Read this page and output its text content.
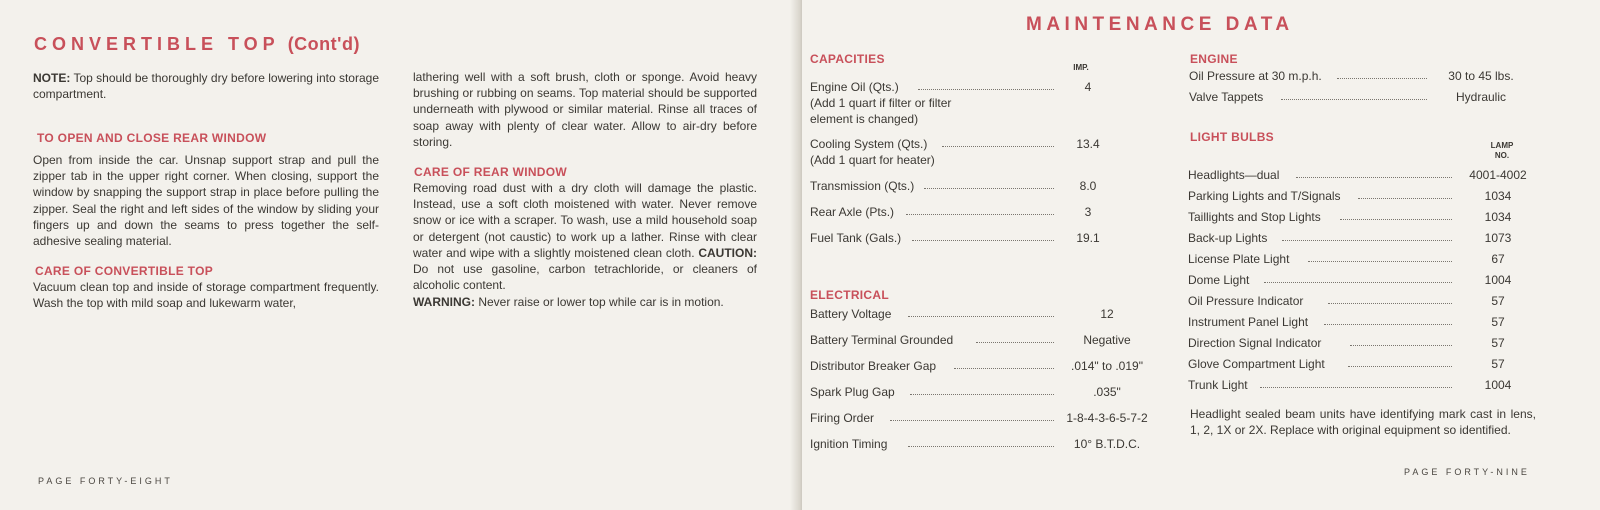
CONVERTIBLE TOP (Cont'd)
NOTE: Top should be thoroughly dry before lowering into storage compartment.
TO OPEN AND CLOSE REAR WINDOW
Open from inside the car. Unsnap support strap and pull the zipper tab in the upper right corner. When closing, support the window by snapping the support strap in place before pulling the zipper. Seal the right and left sides of the window by sliding your fingers up and down the seams to press together the self-adhesive sealing material.
CARE OF CONVERTIBLE TOP
Vacuum clean top and inside of storage compartment frequently. Wash the top with mild soap and lukewarm water,
lathering well with a soft brush, cloth or sponge. Avoid heavy brushing or rubbing on seams. Top material should be supported underneath with plywood or similar material. Rinse all traces of soap away with plenty of clear water. Allow to air-dry before storing.
CARE OF REAR WINDOW
Removing road dust with a dry cloth will damage the plastic. Instead, use a soft cloth moistened with water. Never remove snow or ice with a scraper. To wash, use a mild household soap or detergent (not caustic) to work up a lather. Rinse with clear water and wipe with a slightly moistened clean cloth. CAUTION: Do not use gasoline, carbon tetrachloride, or cleaners of alcoholic content.
WARNING: Never raise or lower top while car is in motion.
PAGE FORTY-EIGHT
MAINTENANCE DATA
CAPACITIES
IMP.
Engine Oil (Qts.)	4
(Add 1 quart if filter or filter
element is changed)
Cooling System (Qts.)	13.4
(Add 1 quart for heater)
Transmission (Qts.)	8.0
Rear Axle (Pts.)	3
Fuel Tank (Gals.)	19.1
ELECTRICAL
Battery Voltage	12
Battery Terminal Grounded	Negative
Distributor Breaker Gap	.014" to .019"
Spark Plug Gap	.035"
Firing Order	1-8-4-3-6-5-7-2
Ignition Timing	10° B.T.D.C.
ENGINE
Oil Pressure at 30 m.p.h.	30 to 45 lbs.
Valve Tappets	Hydraulic
LIGHT BULBS
LAMP
NO.
Headlights—dual	4001-4002
Parking Lights and T/Signals	1034
Taillights and Stop Lights	1034
Back-up Lights	1073
License Plate Light	67
Dome Light	1004
Oil Pressure Indicator	57
Instrument Panel Light	57
Direction Signal Indicator	57
Glove Compartment Light	57
Trunk Light	1004
Headlight sealed beam units have identifying mark cast in lens, 1, 2, 1X or 2X. Replace with original equipment so identified.
PAGE FORTY-NINE
